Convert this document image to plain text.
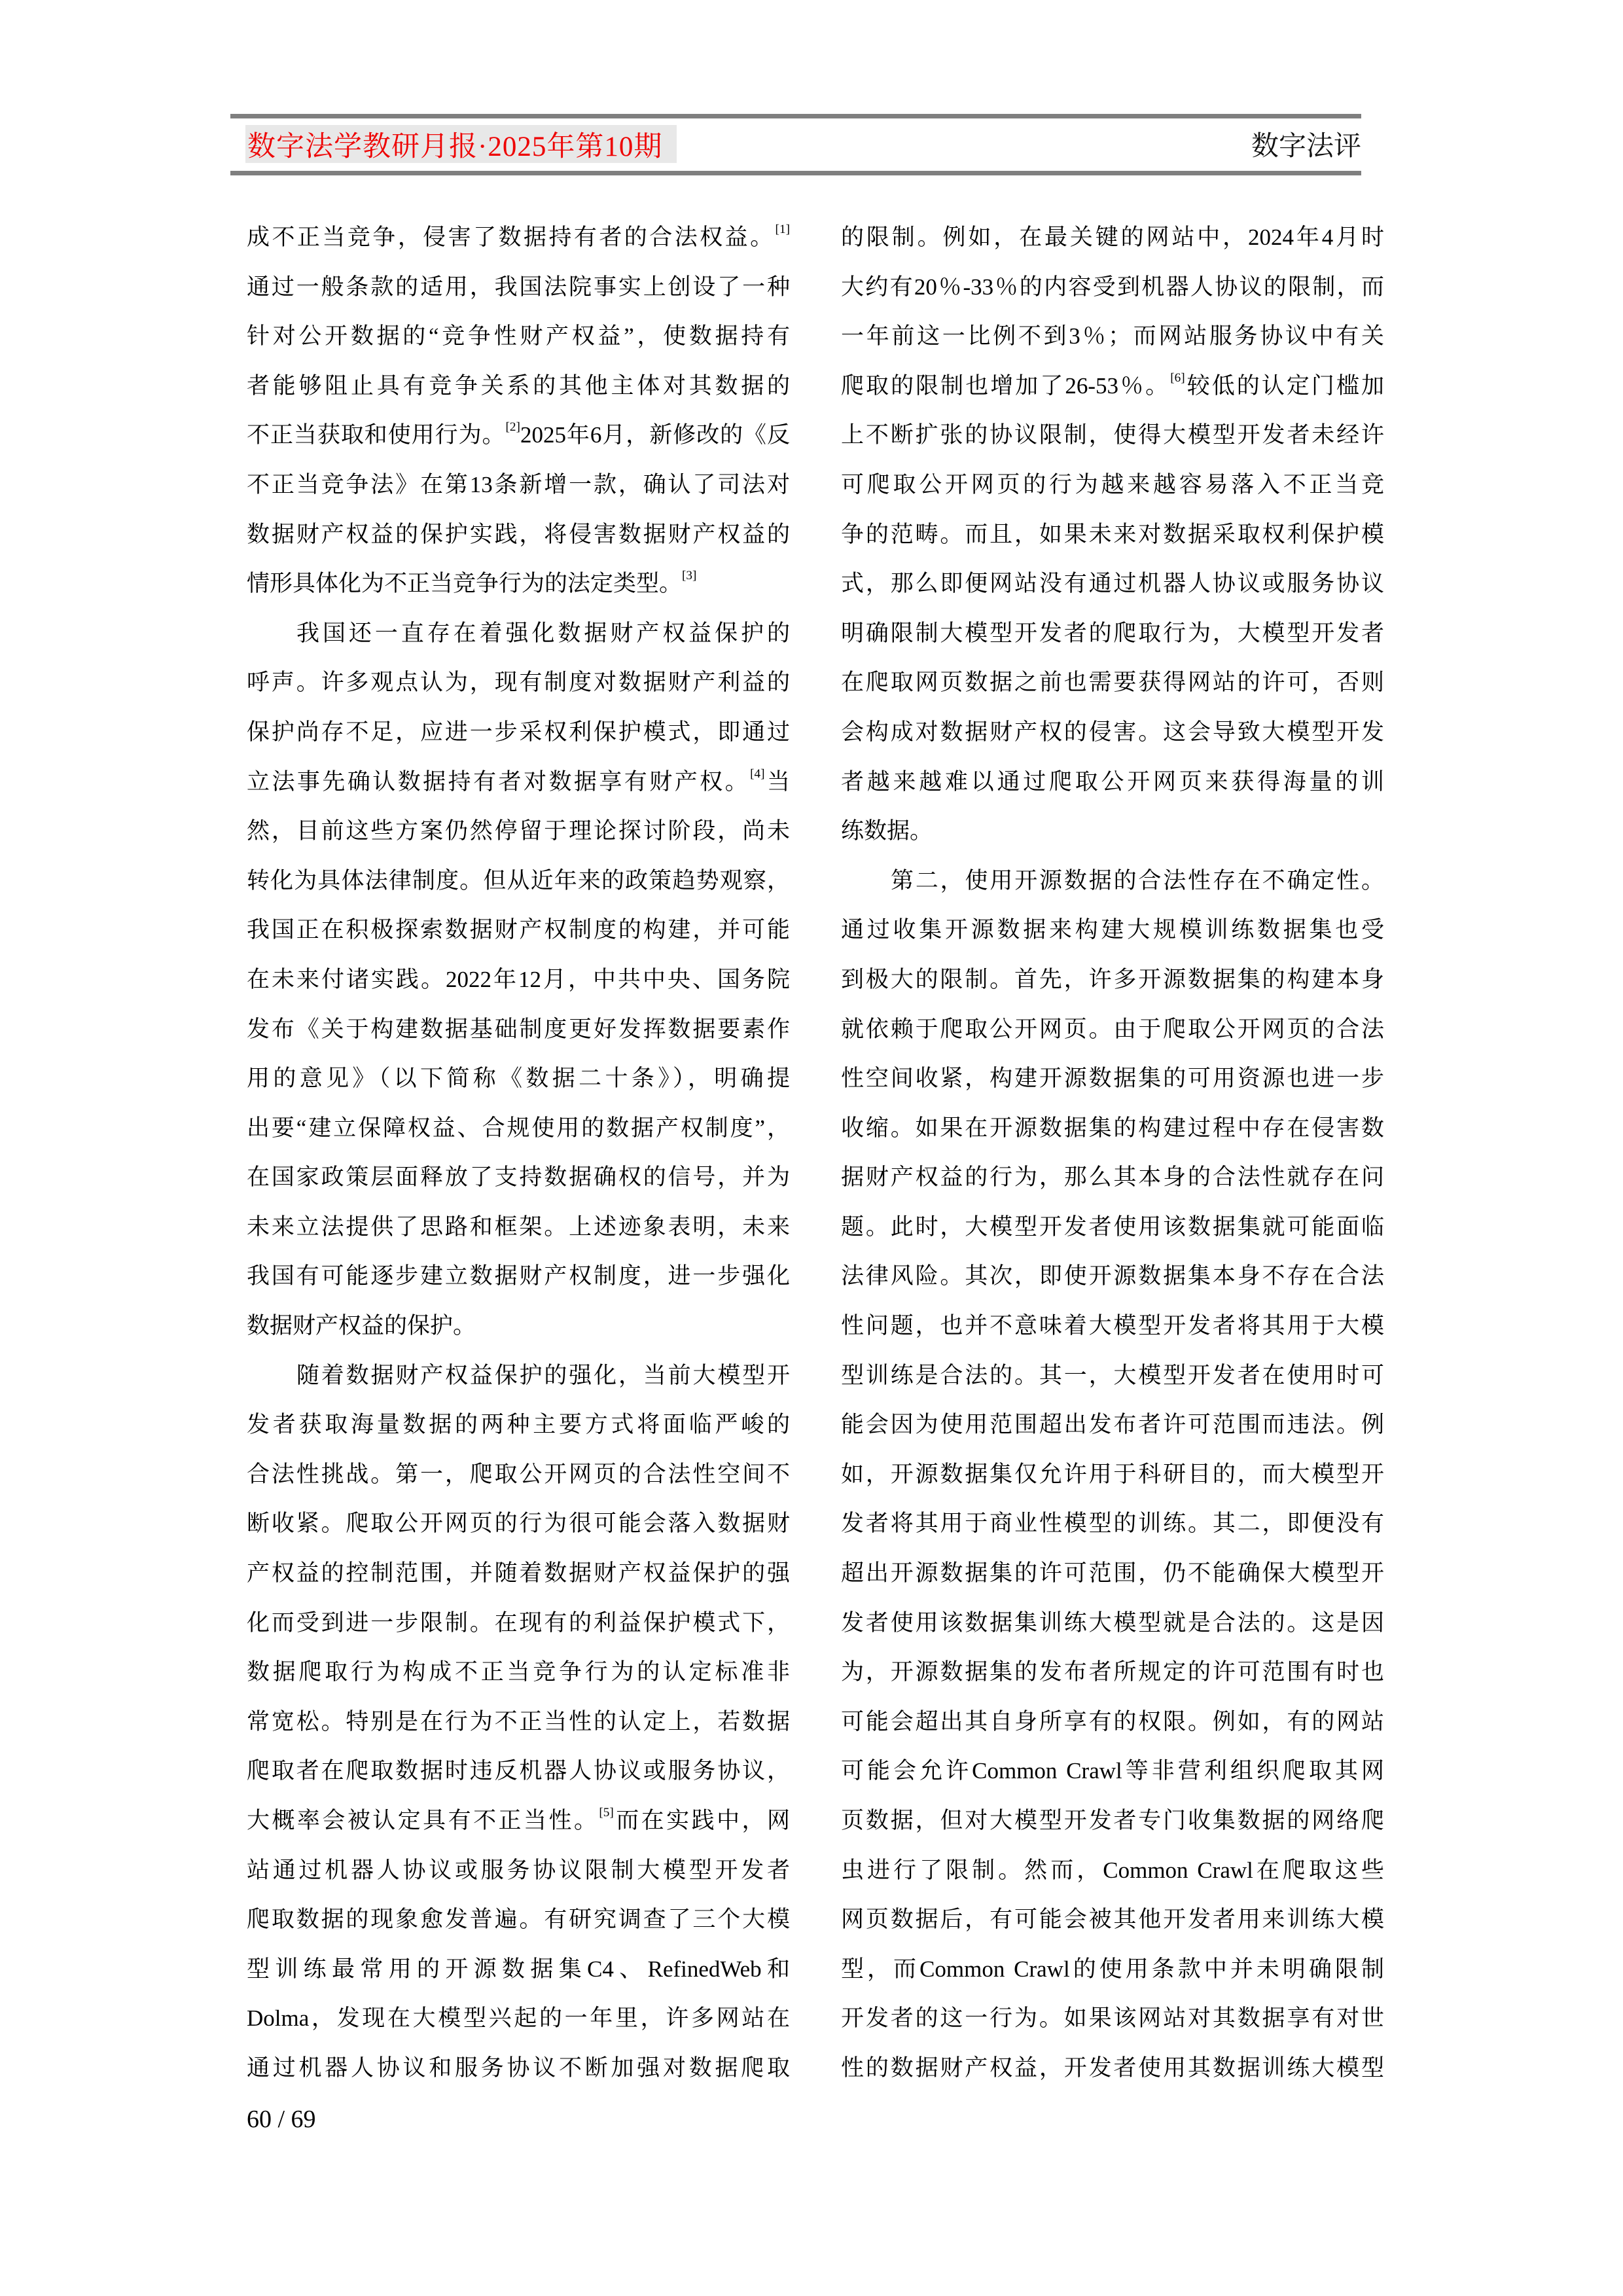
数字法学教研月报·2025年第10期	数字法评
成不正当竞争，侵害了数据持有者的合法权益。[1]
通过一般条款的适用，我国法院事实上创设了一种
针对公开数据的“竞争性财产权益”，使数据持有
者能够阻止具有竞争关系的其他主体对其数据的
不正当获取和使用行为。[2]2025年6月，新修改的《反
不正当竞争法》在第13条新增一款，确认了司法对
数据财产权益的保护实践，将侵害数据财产权益的
情形具体化为不正当竞争行为的法定类型。[3]
我国还一直存在着强化数据财产权益保护的
呼声。许多观点认为，现有制度对数据财产利益的
保护尚存不足，应进一步采权利保护模式，即通过
立法事先确认数据持有者对数据享有财产权。[4]当
然，目前这些方案仍然停留于理论探讨阶段，尚未
转化为具体法律制度。但从近年来的政策趋势观察，
我国正在积极探索数据财产权制度的构建，并可能
在未来付诸实践。2022年12月，中共中央、国务院
发布《关于构建数据基础制度更好发挥数据要素作
用的意见》（以下简称《数据二十条》），明确提
出要“建立保障权益、合规使用的数据产权制度”，
在国家政策层面释放了支持数据确权的信号，并为
未来立法提供了思路和框架。上述迹象表明，未来
我国有可能逐步建立数据财产权制度，进一步强化
数据财产权益的保护。
随着数据财产权益保护的强化，当前大模型开
发者获取海量数据的两种主要方式将面临严峻的
合法性挑战。第一，爬取公开网页的合法性空间不
断收紧。爬取公开网页的行为很可能会落入数据财
产权益的控制范围，并随着数据财产权益保护的强
化而受到进一步限制。在现有的利益保护模式下，
数据爬取行为构成不正当竞争行为的认定标准非
常宽松。特别是在行为不正当性的认定上，若数据
爬取者在爬取数据时违反机器人协议或服务协议，
大概率会被认定具有不正当性。[5]而在实践中，网
站通过机器人协议或服务协议限制大模型开发者
爬取数据的现象愈发普遍。有研究调查了三个大模
型训练最常用的开源数据集C4、RefinedWeb和
Dolma，发现在大模型兴起的一年里，许多网站在
通过机器人协议和服务协议不断加强对数据爬取
的限制。例如，在最关键的网站中，2024年4月时
大约有20％-33％的内容受到机器人协议的限制，而
一年前这一比例不到3％；而网站服务协议中有关
爬取的限制也增加了26-53％。[6]较低的认定门槛加
上不断扩张的协议限制，使得大模型开发者未经许
可爬取公开网页的行为越来越容易落入不正当竞
争的范畴。而且，如果未来对数据采取权利保护模
式，那么即便网站没有通过机器人协议或服务协议
明确限制大模型开发者的爬取行为，大模型开发者
在爬取网页数据之前也需要获得网站的许可，否则
会构成对数据财产权的侵害。这会导致大模型开发
者越来越难以通过爬取公开网页来获得海量的训
练数据。
第二，使用开源数据的合法性存在不确定性。
通过收集开源数据来构建大规模训练数据集也受
到极大的限制。首先，许多开源数据集的构建本身
就依赖于爬取公开网页。由于爬取公开网页的合法
性空间收紧，构建开源数据集的可用资源也进一步
收缩。如果在开源数据集的构建过程中存在侵害数
据财产权益的行为，那么其本身的合法性就存在问
题。此时，大模型开发者使用该数据集就可能面临
法律风险。其次，即使开源数据集本身不存在合法
性问题，也并不意味着大模型开发者将其用于大模
型训练是合法的。其一，大模型开发者在使用时可
能会因为使用范围超出发布者许可范围而违法。例
如，开源数据集仅允许用于科研目的，而大模型开
发者将其用于商业性模型的训练。其二，即便没有
超出开源数据集的许可范围，仍不能确保大模型开
发者使用该数据集训练大模型就是合法的。这是因
为，开源数据集的发布者所规定的许可范围有时也
可能会超出其自身所享有的权限。例如，有的网站
可能会允许Common Crawl等非营利组织爬取其网
页数据，但对大模型开发者专门收集数据的网络爬
虫进行了限制。然而，Common Crawl在爬取这些
网页数据后，有可能会被其他开发者用来训练大模
型，而Common Crawl的使用条款中并未明确限制
开发者的这一行为。如果该网站对其数据享有对世
性的数据财产权益，开发者使用其数据训练大模型
60 / 69
